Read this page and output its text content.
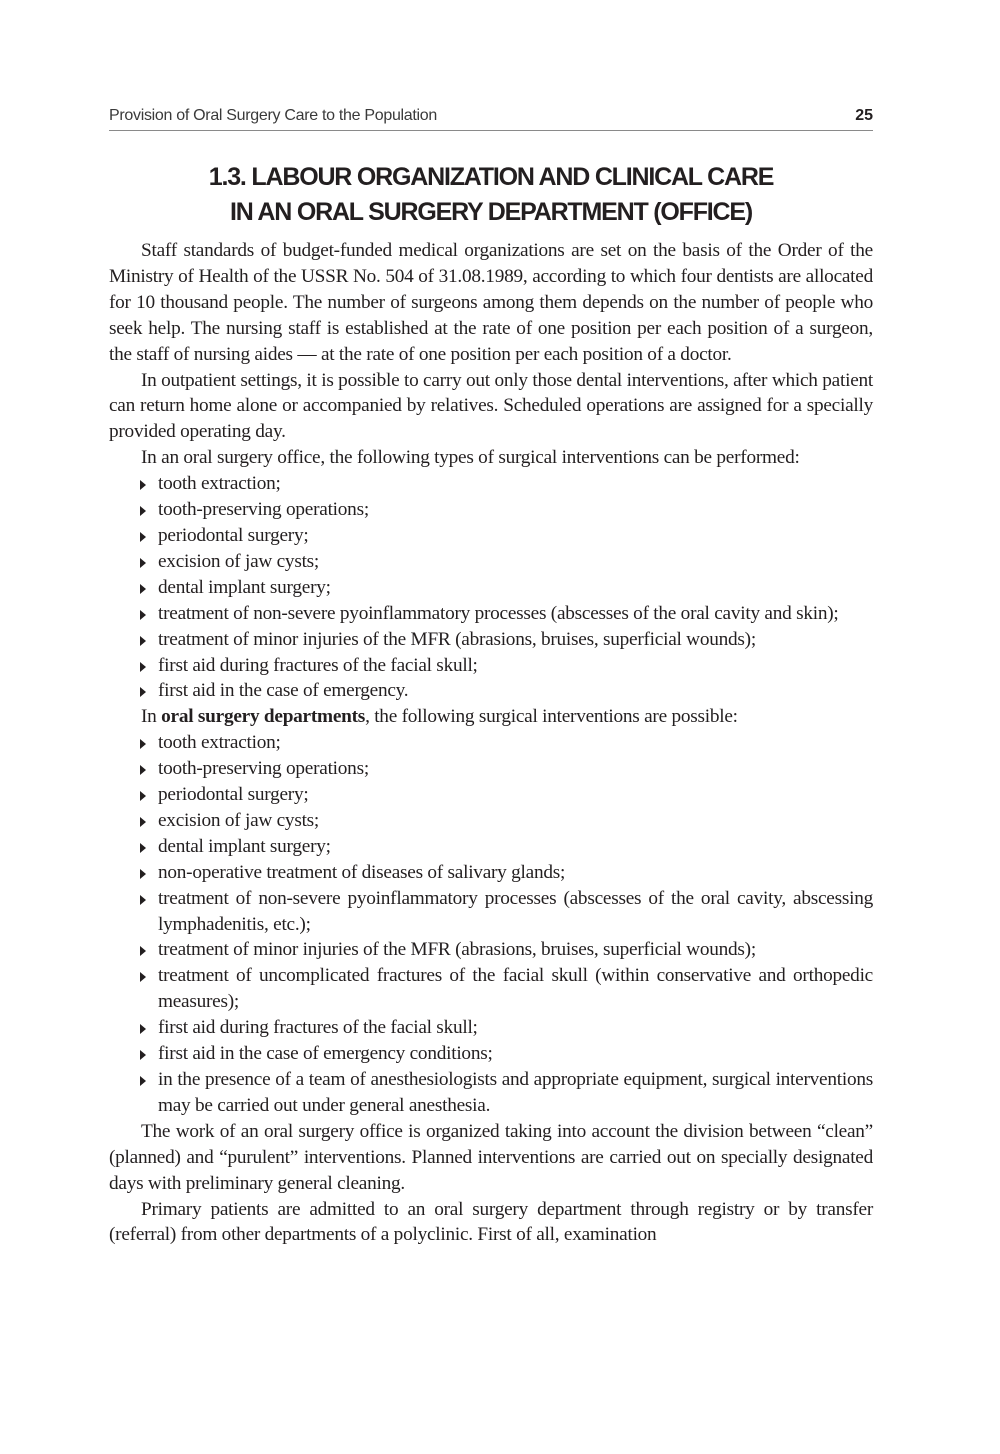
Provision of Oral Surgery Care to the Population	25
1.3. LABOUR ORGANIZATION AND CLINICAL CARE
IN AN ORAL SURGERY DEPARTMENT (OFFICE)

Staff standards of budget-funded medical organizations are set on the basis of the Order of the Ministry of Health of the USSR No. 504 of 31.08.1989, according to which four dentists are allocated for 10 thousand people. The number of surgeons among them depends on the number of people who seek help. The nursing staff is established at the rate of one position per each position of a surgeon, the staff of nursing aides — at the rate of one position per each position of a doctor.

In outpatient settings, it is possible to carry out only those dental interventions, after which patient can return home alone or accompanied by relatives. Scheduled operations are assigned for a specially provided operating day.

In an oral surgery office, the following types of surgical interventions can be performed:

tooth extraction;
tooth-preserving operations;
periodontal surgery;
excision of jaw cysts;
dental implant surgery;
treatment of non-severe pyoinflammatory processes (abscesses of the oral cavity and skin);
treatment of minor injuries of the MFR (abrasions, bruises, superficial wounds);
first aid during fractures of the facial skull;
first aid in the case of emergency.

In oral surgery departments, the following surgical interventions are possible:

tooth extraction;
tooth-preserving operations;
periodontal surgery;
excision of jaw cysts;
dental implant surgery;
non-operative treatment of diseases of salivary glands;
treatment of non-severe pyoinflammatory processes (abscesses of the oral cavity, abscessing lymphadenitis, etc.);
treatment of minor injuries of the MFR (abrasions, bruises, superficial wounds);
treatment of uncomplicated fractures of the facial skull (within conservative and orthopedic measures);
first aid during fractures of the facial skull;
first aid in the case of emergency conditions;
in the presence of a team of anesthesiologists and appropriate equipment, surgical interventions may be carried out under general anesthesia.

The work of an oral surgery office is organized taking into account the division between “clean” (planned) and “purulent” interventions. Planned interventions are carried out on specially designated days with preliminary general cleaning.

Primary patients are admitted to an oral surgery department through registry or by transfer (referral) from other departments of a polyclinic. First of all, examination
